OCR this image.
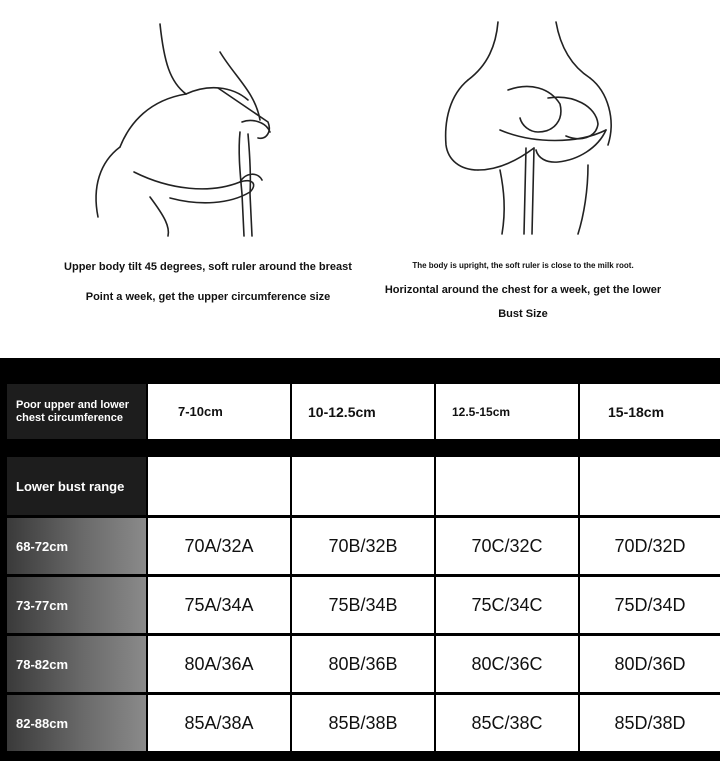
Upper body tilt 45 degrees, soft ruler around the breast
Point a week, get the upper circumference size
The body is upright, the soft ruler is close to the milk root.
Horizontal around the chest for a week, get the lower
Bust Size
Poor upper and lower
chest circumference	7-10cm	10-12.5cm	12.5-15cm	15-18cm
Lower bust range
68-72cm	70A/32A	70B/32B	70C/32C	70D/32D
73-77cm	75A/34A	75B/34B	75C/34C	75D/34D
78-82cm	80A/36A	80B/36B	80C/36C	80D/36D
82-88cm	85A/38A	85B/38B	85C/38C	85D/38D
